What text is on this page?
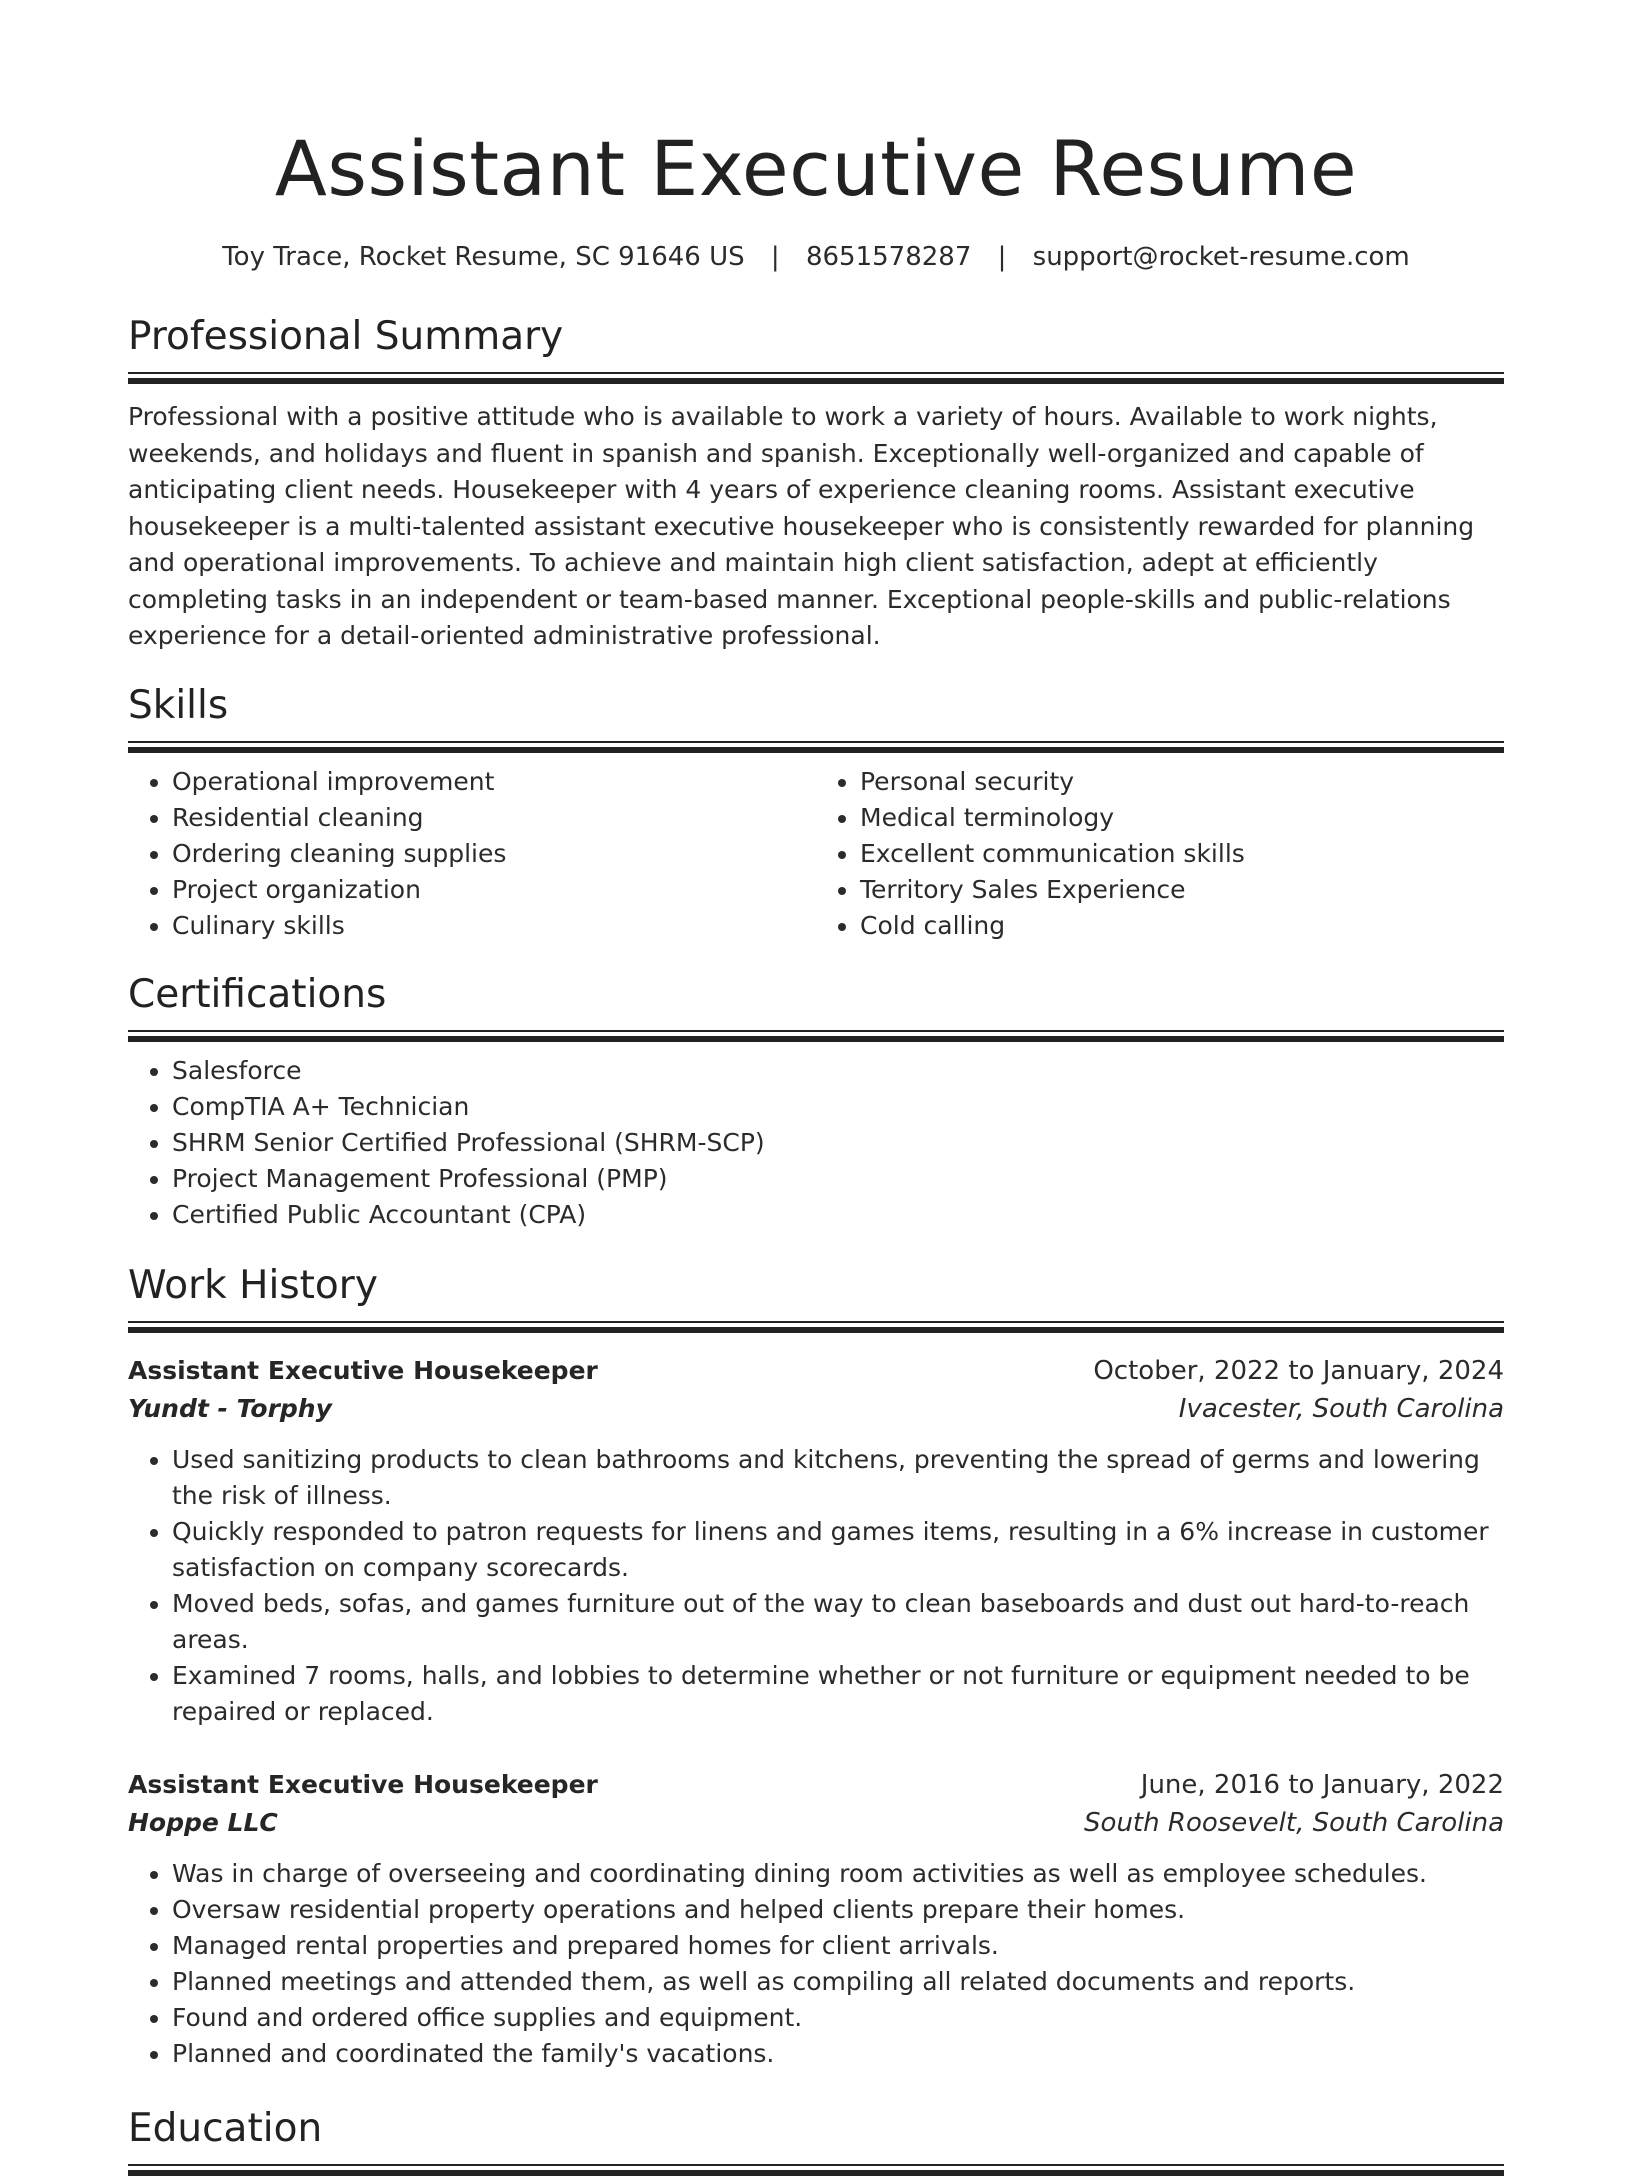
Assistant Executive Resume
Toy Trace, Rocket Resume, SC 91646 US | 8651578287 | support@rocket-resume.com
Professional Summary

Professional with a positive attitude who is available to work a variety of hours. Available to work nights, weekends, and holidays and fluent in spanish and spanish. Exceptionally well-organized and capable of anticipating client needs. Housekeeper with 4 years of experience cleaning rooms. Assistant executive housekeeper is a multi-talented assistant executive housekeeper who is consistently rewarded for planning and operational improvements. To achieve and maintain high client satisfaction, adept at efficiently completing tasks in an independent or team-based manner. Exceptional people-skills and public-relations experience for a detail-oriented administrative professional.

Skills
• Operational improvement
• Residential cleaning
• Ordering cleaning supplies
• Project organization
• Culinary skills
• Personal security
• Medical terminology
• Excellent communication skills
• Territory Sales Experience
• Cold calling
Certifications
• Salesforce
• CompTIA A+ Technician
• SHRM Senior Certified Professional (SHRM-SCP)
• Project Management Professional (PMP)
• Certified Public Accountant (CPA)
Work History
Assistant Executive Housekeeper	October, 2022 to January, 2024
Yundt - Torphy	Ivacester, South Carolina
• Used sanitizing products to clean bathrooms and kitchens, preventing the spread of germs and lowering the risk of illness.
• Quickly responded to patron requests for linens and games items, resulting in a 6% increase in customer satisfaction on company scorecards.
• Moved beds, sofas, and games furniture out of the way to clean baseboards and dust out hard-to-reach areas.
• Examined 7 rooms, halls, and lobbies to determine whether or not furniture or equipment needed to be repaired or replaced.
Assistant Executive Housekeeper	June, 2016 to January, 2022
Hoppe LLC	South Roosevelt, South Carolina
• Was in charge of overseeing and coordinating dining room activities as well as employee schedules.
• Oversaw residential property operations and helped clients prepare their homes.
• Managed rental properties and prepared homes for client arrivals.
• Planned meetings and attended them, as well as compiling all related documents and reports.
• Found and ordered office supplies and equipment.
• Planned and coordinated the family's vacations.
Education
